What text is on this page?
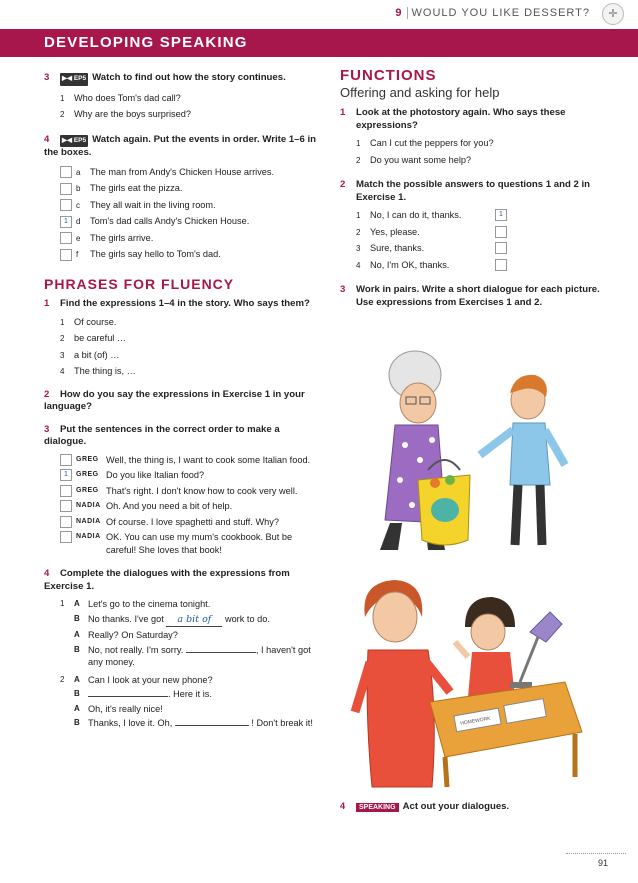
9 WOULD YOU LIKE DESSERT?	✛
DEVELOPING SPEAKING
3 ▶◀ EP5 Watch to find out how the story continues.
1 Who does Tom's dad call?
2 Why are the boys surprised?
4 ▶◀ EP5 Watch again. Put the events in order. Write 1–6 in the boxes.
a The man from Andy's Chicken House arrives.
b The girls eat the pizza.
c They all wait in the living room.
1 d Tom's dad calls Andy's Chicken House.
e The girls arrive.
f The girls say hello to Tom's dad.
PHRASES FOR FLUENCY
1 Find the expressions 1–4 in the story. Who says them?
1 Of course.
2 be careful …
3 a bit (of) …
4 The thing is, …
2 How do you say the expressions in Exercise 1 in your language?
3 Put the sentences in the correct order to make a dialogue.
GREG Well, the thing is, I want to cook some Italian food.
1	GREG Do you like Italian food?
GREG That's right. I don't know how to cook very well.
NADIA Oh. And you need a bit of help.
NADIA Of course. I love spaghetti and stuff. Why?
NADIA OK. You can use my mum's cookbook. But be careful! She loves that book!
4 Complete the dialogues with the expressions from Exercise 1.
1	A Let's go to the cinema tonight.
B No thanks. I've got a bit of work to do.
A Really? On Saturday?
B No, not really. I'm sorry.	, I haven't got any money.
2	A Can I look at your new phone?
B	. Here it is.
A Oh, it's really nice!
B Thanks, I love it. Oh,	! Don't break it!
FUNCTIONS
Offering and asking for help
1	Look at the photostory again. Who says these expressions?
1 Can I cut the peppers for you?
2 Do you want some help?
2	Match the possible answers to questions 1 and 2 in Exercise 1.
1 No, I can do it, thanks.	1
2 Yes, please.
3 Sure, thanks.
4 No, I'm OK, thanks.
3	Work in pairs. Write a short dialogue for each picture. Use expressions from Exercises 1 and 2.
HOMEWORK
4 SPEAKING Act out your dialogues.
91
